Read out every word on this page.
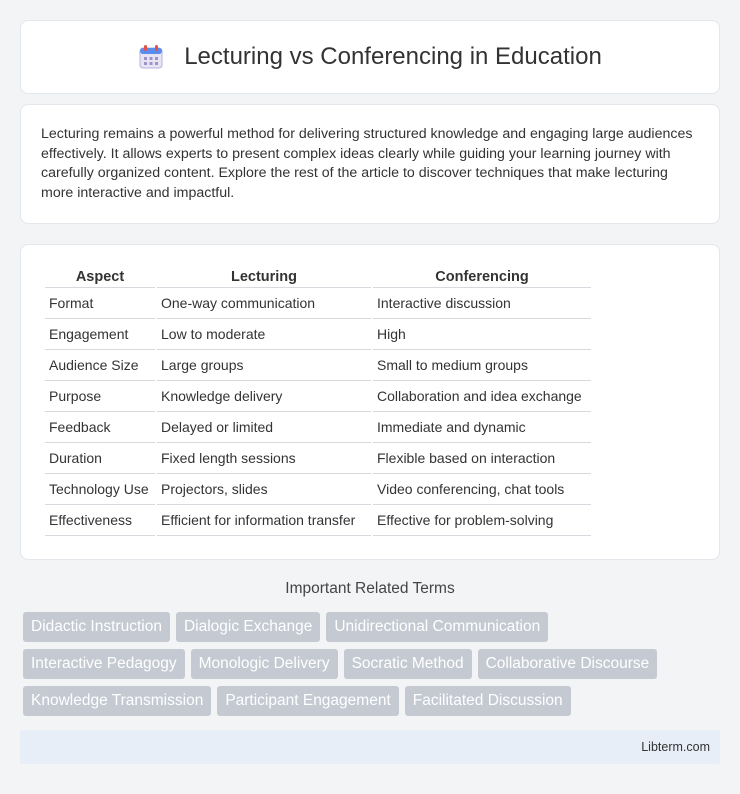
Lecturing vs Conferencing in Education

Lecturing remains a powerful method for delivering structured knowledge and engaging large audiences effectively. It allows experts to present complex ideas clearly while guiding your learning journey with carefully organized content. Explore the rest of the article to discover techniques that make lecturing more interactive and impactful.

Aspect	Lecturing	Conferencing
Format	One-way communication	Interactive discussion
Engagement	Low to moderate	High
Audience Size	Large groups	Small to medium groups
Purpose	Knowledge delivery	Collaboration and idea exchange
Feedback	Delayed or limited	Immediate and dynamic
Duration	Fixed length sessions	Flexible based on interaction
Technology Use	Projectors, slides	Video conferencing, chat tools
Effectiveness	Efficient for information transfer	Effective for problem-solving
Important Related Terms
Didactic Instruction	Dialogic Exchange	Unidirectional Communication
Interactive Pedagogy	Monologic Delivery	Socratic Method	Collaborative Discourse
Knowledge Transmission	Participant Engagement	Facilitated Discussion
Libterm.com
